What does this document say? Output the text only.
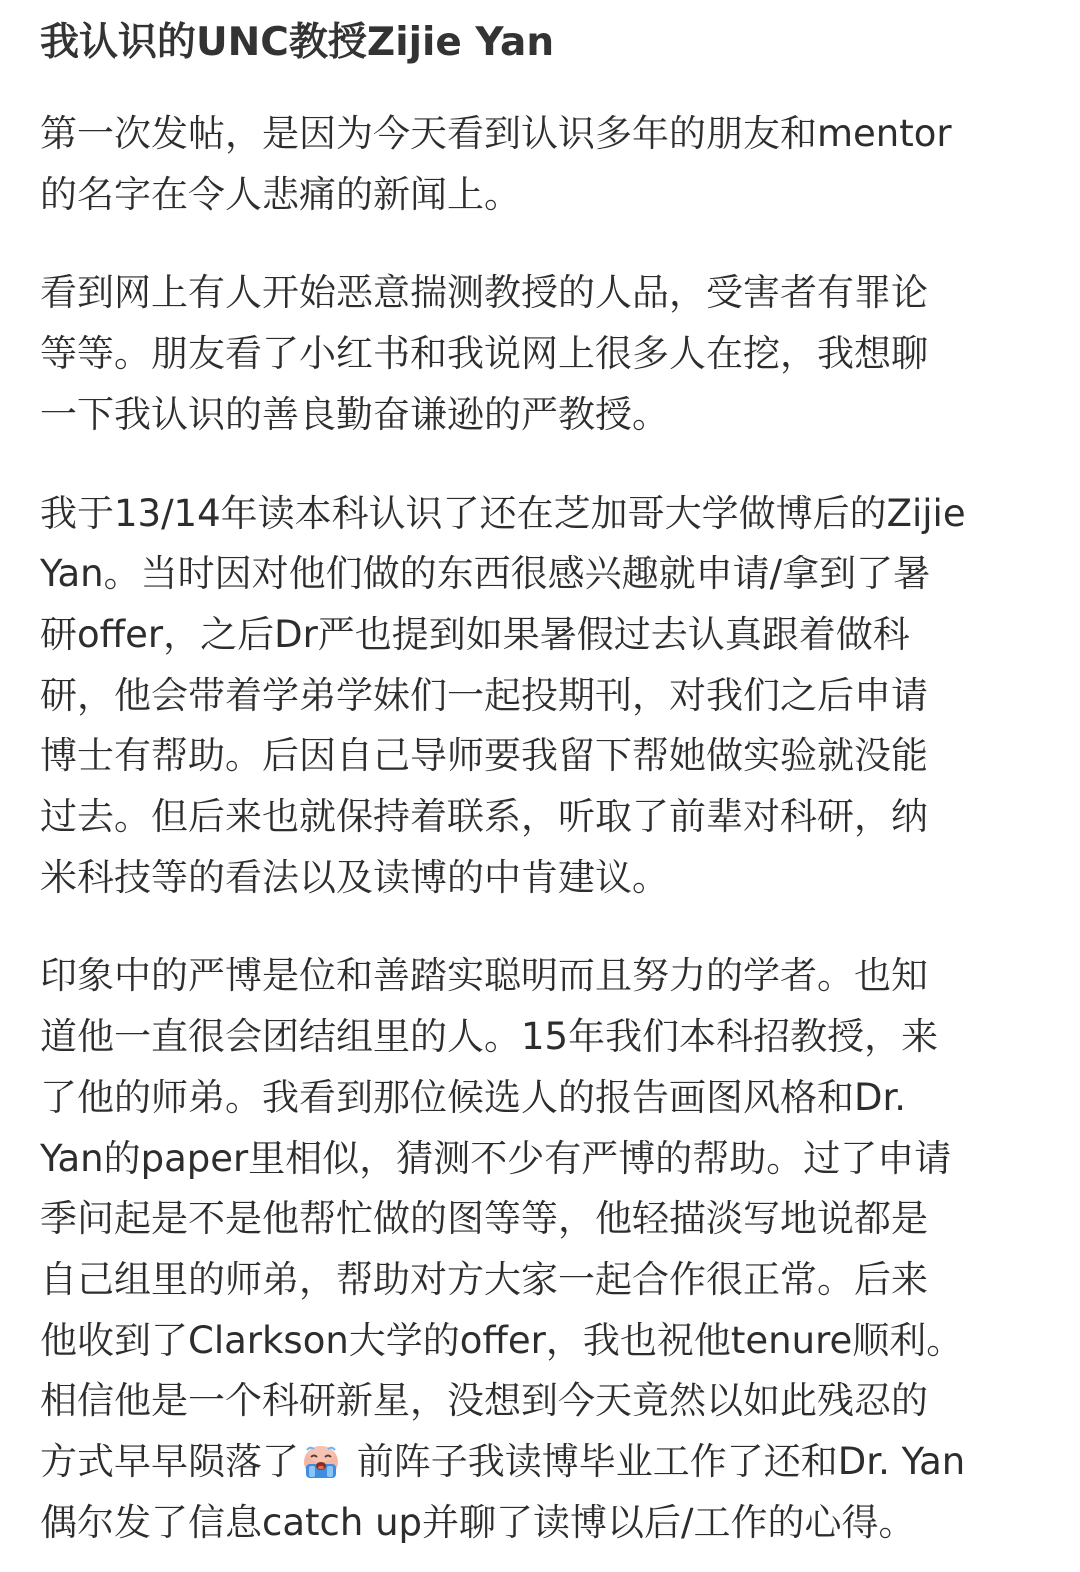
我认识的UNC教授Zijie Yan
第一次发帖，是因为今天看到认识多年的朋友和mentor
的名字在令人悲痛的新闻上。
看到网上有人开始恶意揣测教授的人品，受害者有罪论
等等。朋友看了小红书和我说网上很多人在挖，我想聊
一下我认识的善良勤奋谦逊的严教授。
我于13/14年读本科认识了还在芝加哥大学做博后的Zijie
Yan。当时因对他们做的东西很感兴趣就申请/拿到了暑
研offer，之后Dr严也提到如果暑假过去认真跟着做科
研，他会带着学弟学妹们一起投期刊，对我们之后申请
博士有帮助。后因自己导师要我留下帮她做实验就没能
过去。但后来也就保持着联系，听取了前辈对科研，纳
米科技等的看法以及读博的中肯建议。
印象中的严博是位和善踏实聪明而且努力的学者。也知
道他一直很会团结组里的人。15年我们本科招教授，来
了他的师弟。我看到那位候选人的报告画图风格和Dr.
Yan的paper里相似，猜测不少有严博的帮助。过了申请
季问起是不是他帮忙做的图等等，他轻描淡写地说都是
自己组里的师弟，帮助对方大家一起合作很正常。后来
他收到了Clarkson大学的offer，我也祝他tenure顺利。
相信他是一个科研新星，没想到今天竟然以如此残忍的
方式早早陨落了 前阵子我读博毕业工作了还和Dr. Yan
偶尔发了信息catch up并聊了读博以后/工作的心得。
